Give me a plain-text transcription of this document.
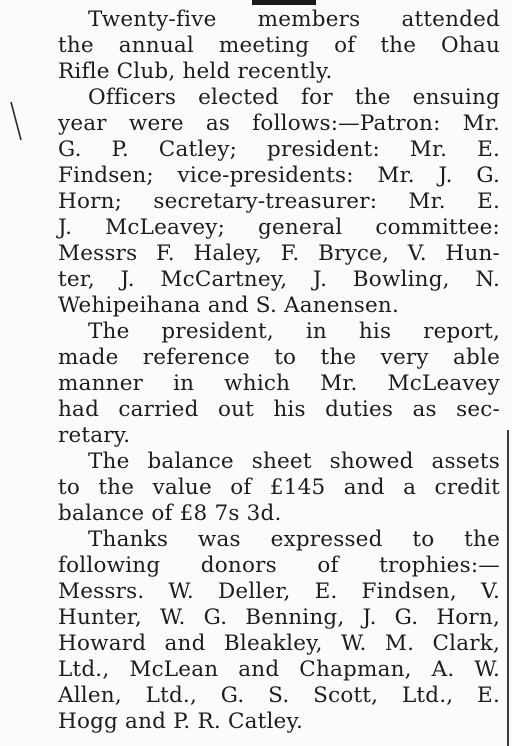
Twenty-five members attended
the annual meeting of the Ohau
Rifle Club, held recently.

Officers elected for the ensuing
year were as follows:—Patron: Mr.
G. P. Catley; president: Mr. E.
Findsen; vice-presidents: Mr. J. G.
Horn; secretary-treasurer: Mr. E.
J. McLeavey; general committee:
Messrs F. Haley, F. Bryce, V. Hun-
ter, J. McCartney, J. Bowling, N.
Wehipeihana and S. Aanensen.

The president, in his report,
made reference to the very able
manner in which Mr. McLeavey
had carried out his duties as sec-
retary.

The balance sheet showed assets
to the value of £145 and a credit
balance of £8 7s 3d.

Thanks was expressed to the
following donors of trophies:—
Messrs. W. Deller, E. Findsen, V.
Hunter, W. G. Benning, J. G. Horn,
Howard and Bleakley, W. M. Clark,
Ltd., McLean and Chapman, A. W.
Allen, Ltd., G. S. Scott, Ltd., E.
Hogg and P. R. Catley.
